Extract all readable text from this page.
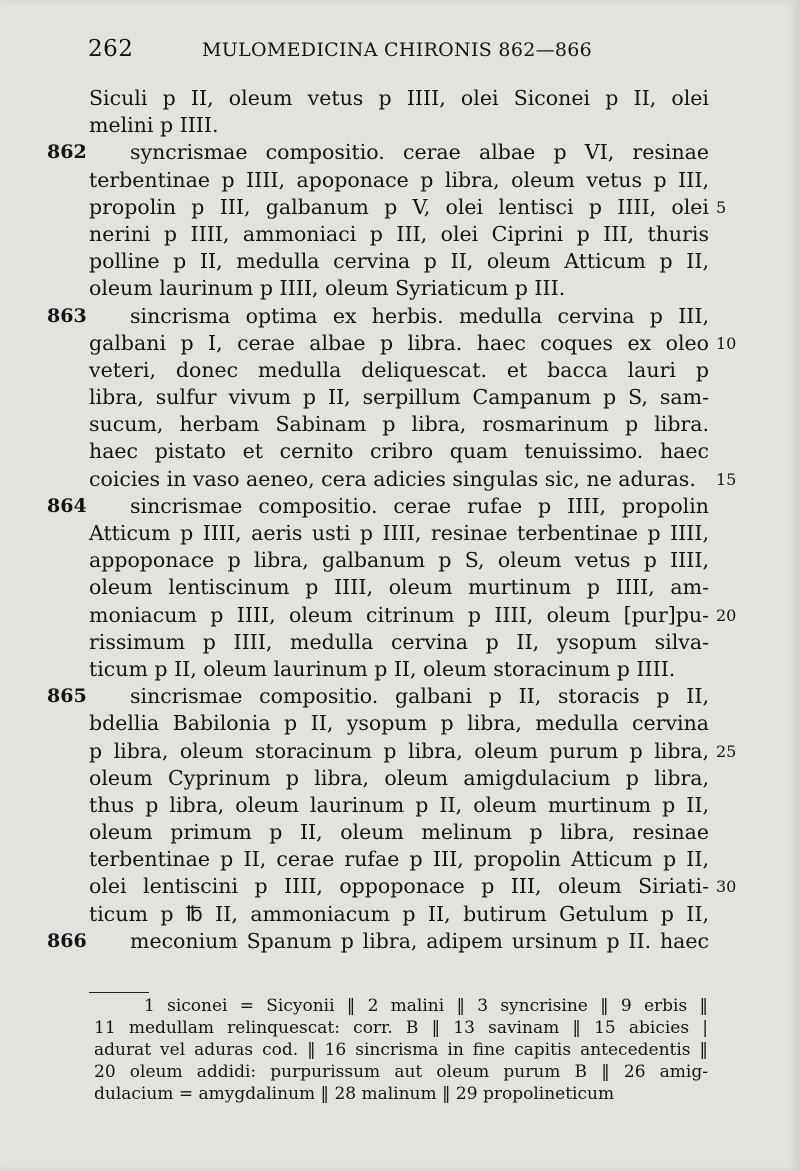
262	MULOMEDICINA CHIRONIS 862—866
Siculi p II, oleum vetus p IIII, olei Siconei p II, olei
melini p IIII.
862 syncrismae compositio. cerae albae p VI, resinae
terbentinae p IIII, apoponace p libra, oleum vetus p III,
propolin p III, galbanum p V, olei lentisci p IIII, olei 5
nerini p IIII, ammoniaci p III, olei Ciprini p III, thuris
polline p II, medulla cervina p II, oleum Atticum p II,
oleum laurinum p IIII, oleum Syriaticum p III.
863 sincrisma optima ex herbis. medulla cervina p III,
galbani p I, cerae albae p libra. haec coques ex oleo 10
veteri, donec medulla deliquescat. et bacca lauri p
libra, sulfur vivum p II, serpillum Campanum p S, sam-
sucum, herbam Sabinam p libra, rosmarinum p libra.
haec pistato et cernito cribro quam tenuissimo. haec
coicies in vaso aeneo, cera adicies singulas sic, ne aduras.	15
864 sincrismae compositio. cerae rufae p IIII, propolin
Atticum p IIII, aeris usti p IIII, resinae terbentinae p IIII,
appoponace p libra, galbanum p S, oleum vetus p IIII,
oleum lentiscinum p IIII, oleum murtinum p IIII, am-
moniacum p IIII, oleum citrinum p IIII, oleum [pur]pu- 20
rissimum p IIII, medulla cervina p II, ysopum silva-
ticum p II, oleum laurinum p II, oleum storacinum p IIII.
865 sincrismae compositio. galbani p II, storacis p II,
bdellia Babilonia p II, ysopum p libra, medulla cervina
p libra, oleum storacinum p libra, oleum purum p libra, 25
oleum Cyprinum p libra, oleum amigdulacium p libra,
thus p libra, oleum laurinum p II, oleum murtinum p II,
oleum primum p II, oleum melinum p libra, resinae
terbentinae p II, cerae rufae p III, propolin Atticum p II,
olei lentiscini p IIII, oppoponace p III, oleum Siriati- 30
ticum p ℔ II, ammoniacum p II, butirum Getulum p II,
866 meconium Spanum p libra, adipem ursinum p II. haec
1 siconei = Sicyonii ‖ 2 malini ‖ 3 syncrisine ‖ 9 erbis ‖
11 medullam relinquescat: corr. B ‖ 13 savinam ‖ 15 abicies |
adurat vel aduras cod. ‖ 16 sincrisma in fine capitis antecedentis ‖
20 oleum addidi: purpurissum aut oleum purum B ‖ 26 amig-
dulacium = amygdalinum ‖ 28 malinum ‖ 29 propolineticum
